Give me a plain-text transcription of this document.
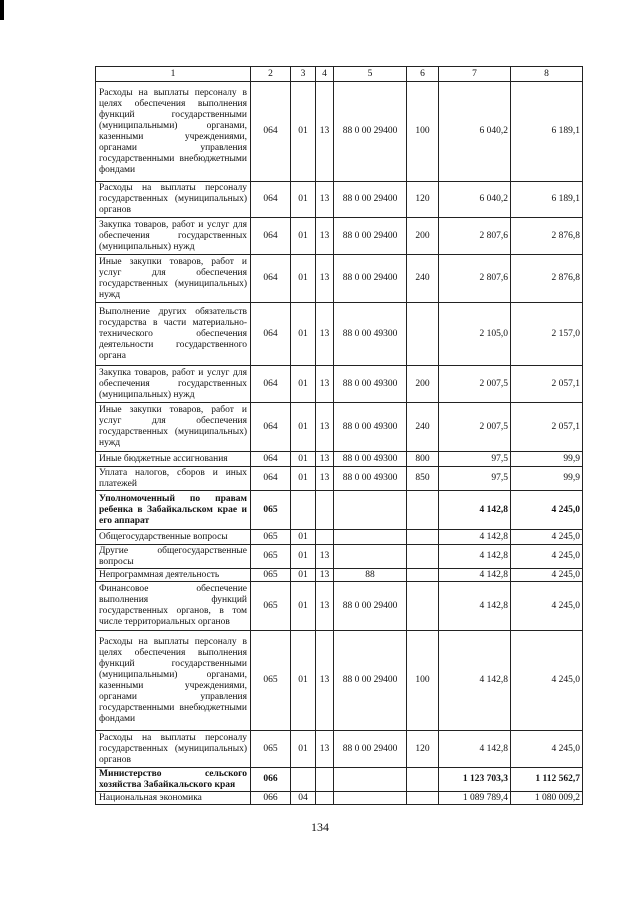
1	2	3	4	5	6	7	8
Расходы на выплаты персоналу в целях обеспечения выполнения функций государственными (муниципальными) органами, казенными учреждениями, органами управления государственными внебюджетными фондами	064	01	13	88 0 00 29400	100	6 040,2	6 189,1
Расходы на выплаты персоналу государственных (муниципальных) органов	064	01	13	88 0 00 29400	120	6 040,2	6 189,1
Закупка товаров, работ и услуг для обеспечения государственных (муниципальных) нужд	064	01	13	88 0 00 29400	200	2 807,6	2 876,8
Иные закупки товаров, работ и услуг для обеспечения государственных (муниципальных) нужд	064	01	13	88 0 00 29400	240	2 807,6	2 876,8
Выполнение других обязательств государства в части материально-технического обеспечения деятельности государственного органа	064	01	13	88 0 00 49300		2 105,0	2 157,0
Закупка товаров, работ и услуг для обеспечения государственных (муниципальных) нужд	064	01	13	88 0 00 49300	200	2 007,5	2 057,1
Иные закупки товаров, работ и услуг для обеспечения государственных (муниципальных) нужд	064	01	13	88 0 00 49300	240	2 007,5	2 057,1
Иные бюджетные ассигнования	064	01	13	88 0 00 49300	800	97,5	99,9
Уплата налогов, сборов и иных платежей	064	01	13	88 0 00 49300	850	97,5	99,9
Уполномоченный по правам ребенка в Забайкальском крае и его аппарат	065					4 142,8	4 245,0
Общегосударственные вопросы	065	01				4 142,8	4 245,0
Другие общегосударственные вопросы	065	01	13			4 142,8	4 245,0
Непрограммная деятельность	065	01	13	88		4 142,8	4 245,0
Финансовое обеспечение выполнения функций государственных органов, в том числе территориальных органов	065	01	13	88 0 00 29400		4 142,8	4 245,0
Расходы на выплаты персоналу в целях обеспечения выполнения функций государственными (муниципальными) органами, казенными учреждениями, органами управления государственными внебюджетными фондами	065	01	13	88 0 00 29400	100	4 142,8	4 245,0
Расходы на выплаты персоналу государственных (муниципальных) органов	065	01	13	88 0 00 29400	120	4 142,8	4 245,0
Министерство сельского хозяйства Забайкальского края	066					1 123 703,3	1 112 562,7
Национальная экономика	066	04				1 089 789,4	1 080 009,2
134
